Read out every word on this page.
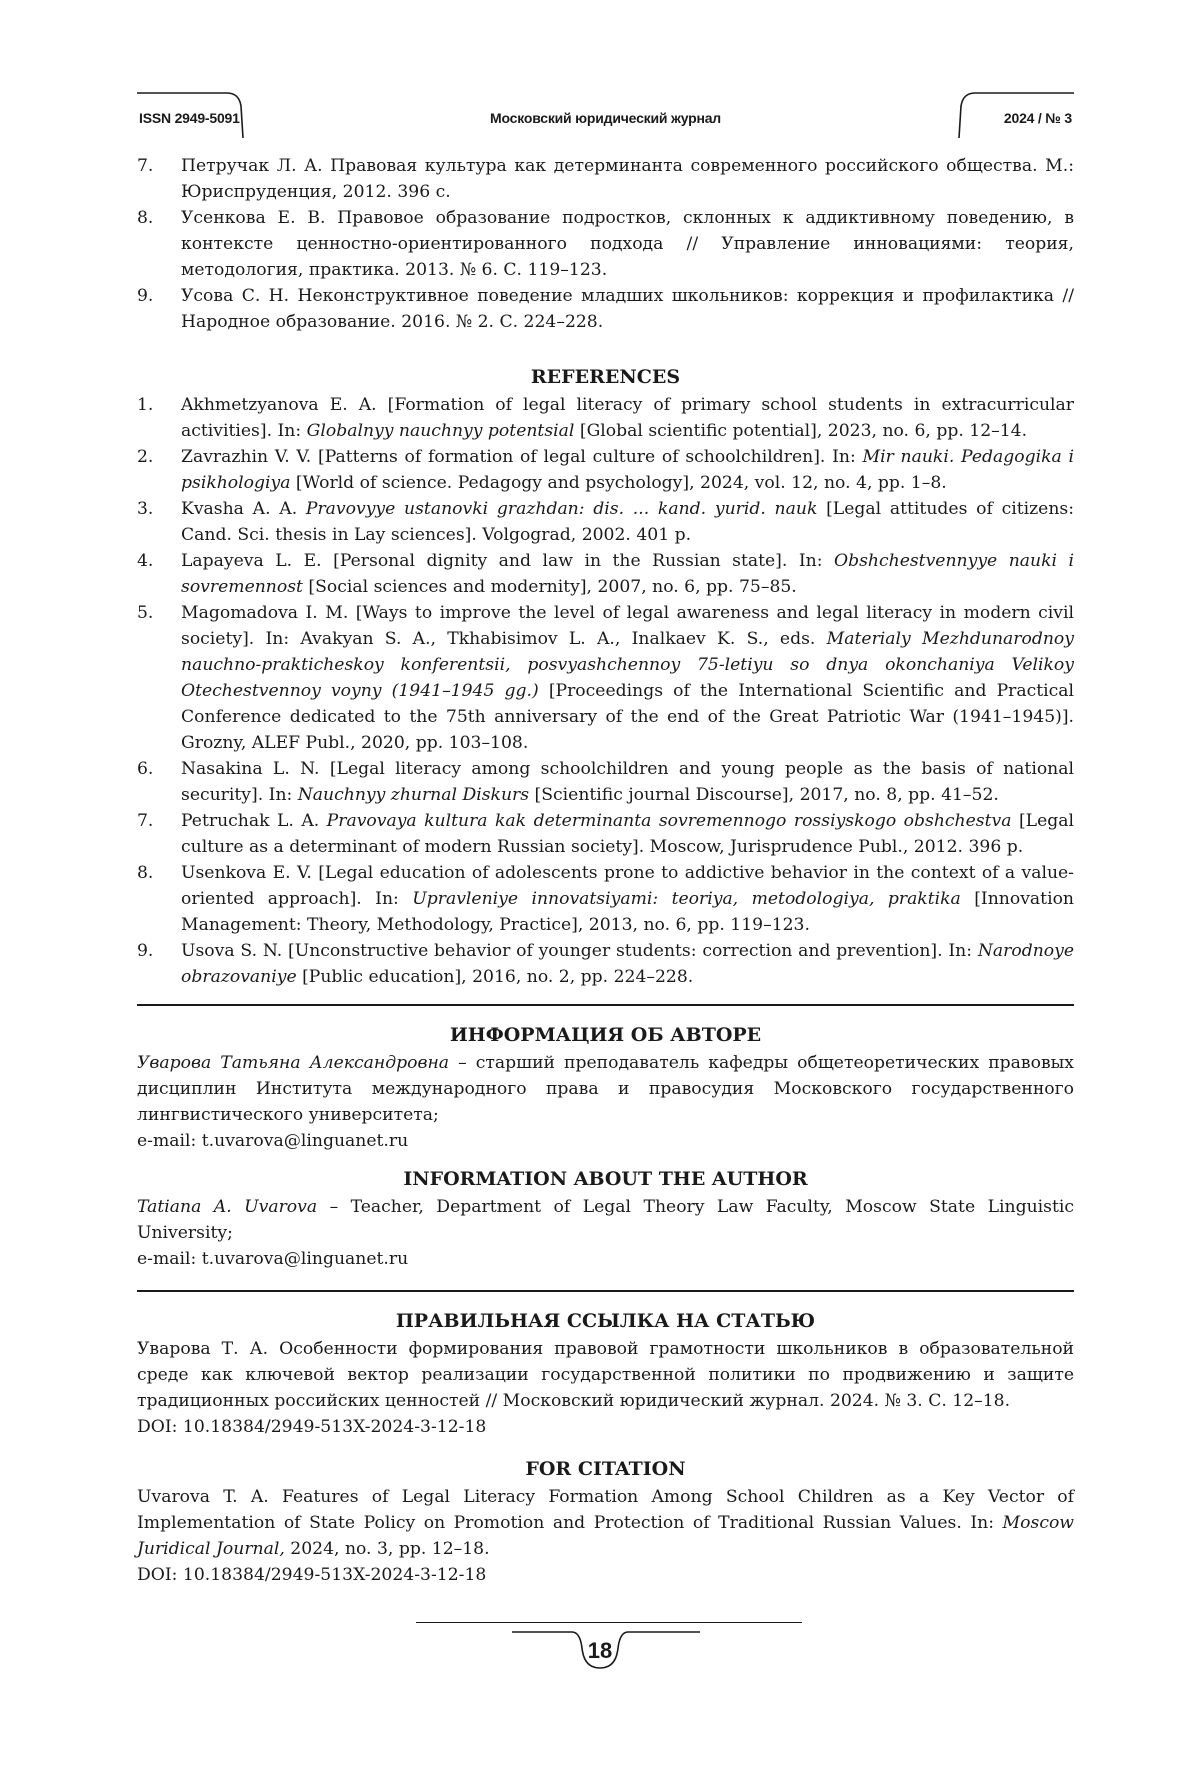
ISSN 2949-5091	Московский юридический журнал	2024 / № 3
7.	Петручак Л. А. Правовая культура как детерминанта современного российского общества. М.: Юриспруденция, 2012. 396 с.
8.	Усенкова Е. В. Правовое образование подростков, склонных к аддиктивному поведению, в контексте ценностно-ориентированного подхода // Управление инновациями: теория, методология, практика. 2013. № 6. С. 119–123.
9.	Усова С. Н. Неконструктивное поведение младших школьников: коррекция и профилактика // Народное образование. 2016. № 2. С. 224–228.
REFERENCES
1.	Akhmetzyanova E. A. [Formation of legal literacy of primary school students in extracurricular activities]. In: Globalnyy nauchnyy potentsial [Global scientific potential], 2023, no. 6, pp. 12–14.
2.	Zavrazhin V. V. [Patterns of formation of legal culture of schoolchildren]. In: Mir nauki. Pedagogika i psikhologiya [World of science. Pedagogy and psychology], 2024, vol. 12, no. 4, pp. 1–8.
3.	Kvasha A. A. Pravovyye ustanovki grazhdan: dis. ... kand. yurid. nauk [Legal attitudes of citizens: Cand. Sci. thesis in Lay sciences]. Volgograd, 2002. 401 p.
4.	Lapayeva L. E. [Personal dignity and law in the Russian state]. In: Obshchestvennyye nauki i sovremennost [Social sciences and modernity], 2007, no. 6, pp. 75–85.
5.	Magomadova I. M. [Ways to improve the level of legal awareness and legal literacy in modern civil society]. In: Avakyan S. A., Tkhabisimov L. A., Inalkaev K. S., eds. Materialy Mezhdunarodnoy nauchno-prakticheskoy konferentsii, posvyashchennoy 75-letiyu so dnya okonchaniya Velikoy Otechestvennoy voyny (1941–1945 gg.) [Proceedings of the International Scientific and Practical Conference dedicated to the 75th anniversary of the end of the Great Patriotic War (1941–1945)]. Grozny, ALEF Publ., 2020, pp. 103–108.
6.	Nasakina L. N. [Legal literacy among schoolchildren and young people as the basis of national security]. In: Nauchnyy zhurnal Diskurs [Scientific journal Discourse], 2017, no. 8, pp. 41–52.
7.	Petruchak L. A. Pravovaya kultura kak determinanta sovremennogo rossiyskogo obshchestva [Legal culture as a determinant of modern Russian society]. Moscow, Jurisprudence Publ., 2012. 396 p.
8.	Usenkova E. V. [Legal education of adolescents prone to addictive behavior in the context of a value-oriented approach]. In: Upravleniye innovatsiyami: teoriya, metodologiya, praktika [Innovation Management: Theory, Methodology, Practice], 2013, no. 6, pp. 119–123.
9.	Usova S. N. [Unconstructive behavior of younger students: correction and prevention]. In: Narodnoye obrazovaniye [Public education], 2016, no. 2, pp. 224–228.
ИНФОРМАЦИЯ ОБ АВТОРЕ
Уварова Татьяна Александровна – старший преподаватель кафедры общетеоретических правовых дисциплин Института международного права и правосудия Московского государственного лингвистического университета;
e-mail: t.uvarova@linguanet.ru
INFORMATION ABOUT THE AUTHOR
Tatiana A. Uvarova – Teacher, Department of Legal Theory Law Faculty, Moscow State Linguistic University;
e-mail: t.uvarova@linguanet.ru
ПРАВИЛЬНАЯ ССЫЛКА НА СТАТЬЮ
Уварова Т. А. Особенности формирования правовой грамотности школьников в образовательной среде как ключевой вектор реализации государственной политики по продвижению и защите традиционных российских ценностей // Московский юридический журнал. 2024. № 3. С. 12–18.
DOI: 10.18384/2949-513X-2024-3-12-18
FOR CITATION
Uvarova T. A. Features of Legal Literacy Formation Among School Children as a Key Vector of Implementation of State Policy on Promotion and Protection of Traditional Russian Values. In: Moscow Juridical Journal, 2024, no. 3, pp. 12–18.
DOI: 10.18384/2949-513X-2024-3-12-18
18
